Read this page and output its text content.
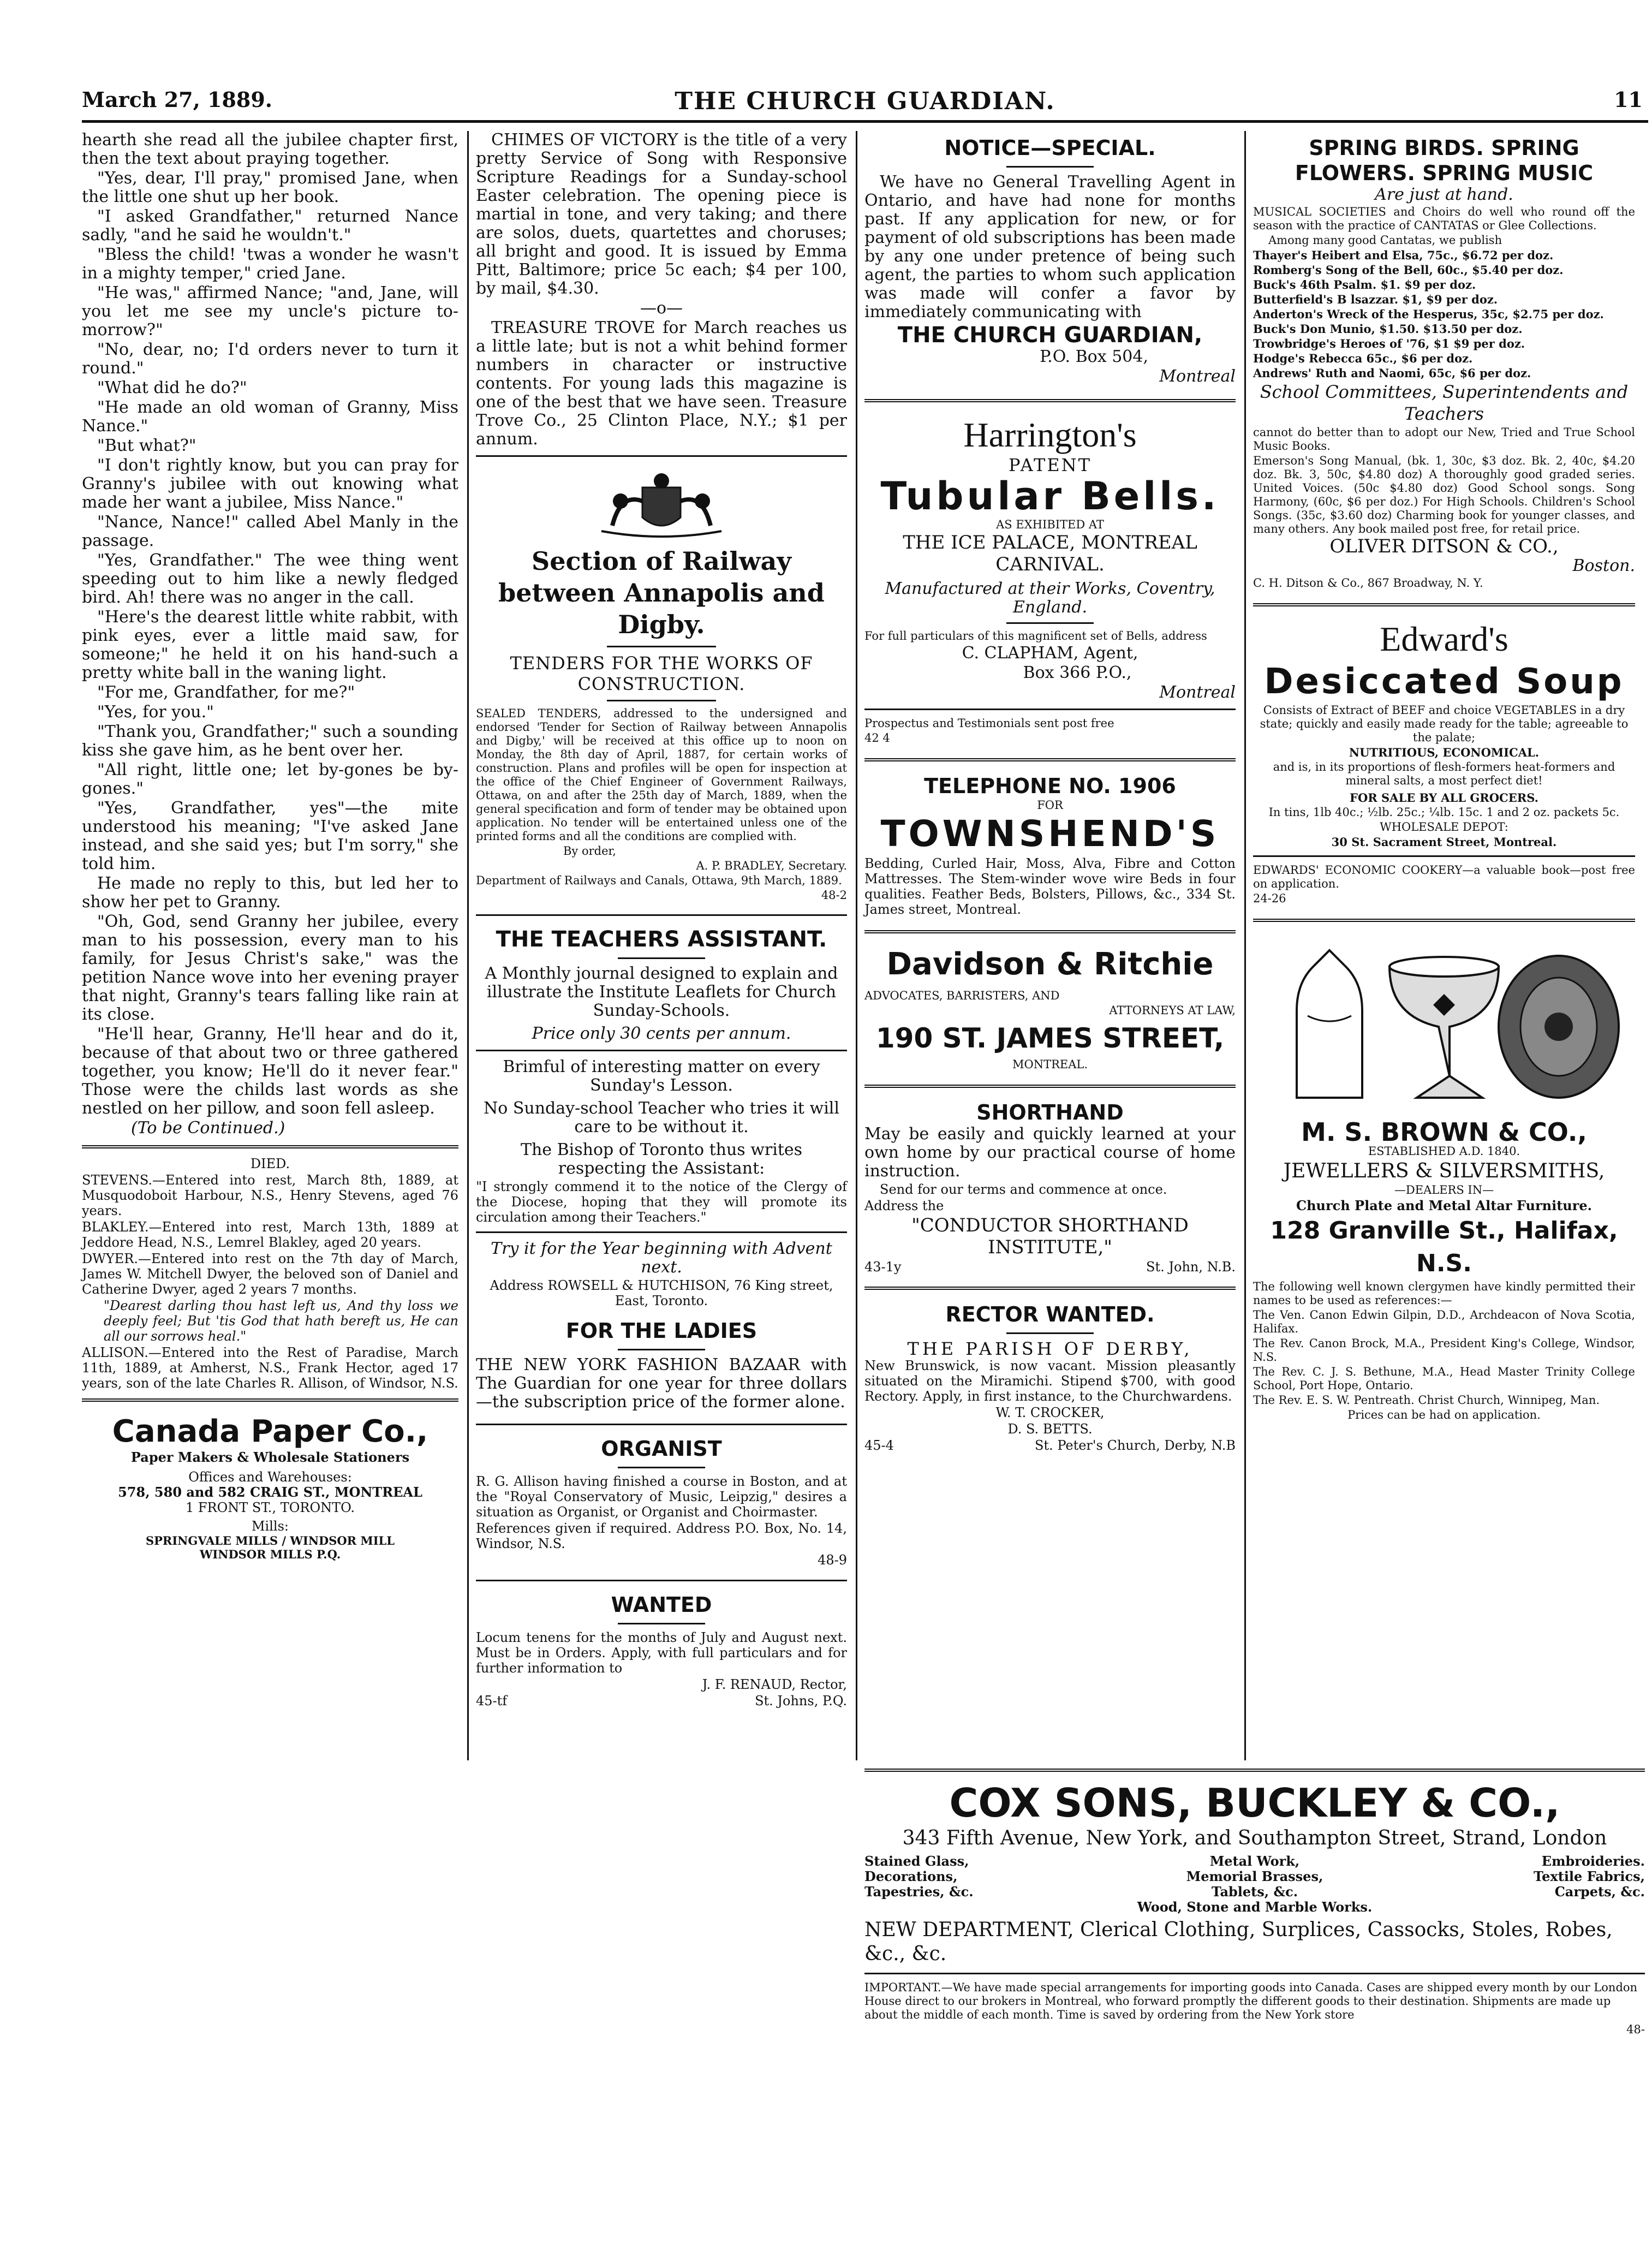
March 27, 1889.	THE CHURCH GUARDIAN.	11

hearth she read all the jubilee chapter first, then the text about praying together.

"Yes, dear, I'll pray," promised Jane, when the little one shut up her book.

"I asked Grandfather," returned Nance sadly, "and he said he wouldn't."

"Bless the child! 'twas a wonder he wasn't in a mighty temper," cried Jane.

"He was," affirmed Nance; "and, Jane, will you let me see my uncle's picture to-morrow?"

"No, dear, no; I'd orders never to turn it round."

"What did he do?"

"He made an old woman of Granny, Miss Nance."

"But what?"

"I don't rightly know, but you can pray for Granny's jubilee with out knowing what made her want a jubilee, Miss Nance."

"Nance, Nance!" called Abel Manly in the passage.

"Yes, Grandfather." The wee thing went speeding out to him like a newly fledged bird. Ah! there was no anger in the call.

"Here's the dearest little white rabbit, with pink eyes, ever a little maid saw, for someone;" he held it on his hand-such a pretty white ball in the waning light.

"For me, Grandfather, for me?"

"Yes, for you."

"Thank you, Grandfather;" such a sounding kiss she gave him, as he bent over her.

"All right, little one; let by-gones be by-gones."

"Yes, Grandfather, yes"—the mite understood his meaning; "I've asked Jane instead, and she said yes; but I'm sorry," she told him.

He made no reply to this, but led her to show her pet to Granny.

"Oh, God, send Granny her jubilee, every man to his possession, every man to his family, for Jesus Christ's sake," was the petition Nance wove into her evening prayer that night, Granny's tears falling like rain at its close.

"He'll hear, Granny, He'll hear and do it, because of that about two or three gathered together, you know; He'll do it never fear." Those were the childs last words as she nestled on her pillow, and soon fell asleep.

(To be Continued.)

DIED.

STEVENS.—Entered into rest, March 8th, 1889, at Musquodoboit Harbour, N.S., Henry Stevens, aged 76 years.

BLAKLEY.—Entered into rest, March 13th, 1889 at Jeddore Head, N.S., Lemrel Blakley, aged 20 years.

DWYER.—Entered into rest on the 7th day of March, James W. Mitchell Dwyer, the beloved son of Daniel and Catherine Dwyer, aged 2 years 7 months.

"Dearest darling thou hast left us, And thy loss we deeply feel; But 'tis God that hath bereft us, He can all our sorrows heal."

ALLISON.—Entered into the Rest of Paradise, March 11th, 1889, at Amherst, N.S., Frank Hector, aged 17 years, son of the late Charles R. Allison, of Windsor, N.S.

Canada Paper Co.,
Paper Makers & Wholesale Stationers
Offices and Warehouses:
578, 580 and 582 CRAIG ST., MONTREAL
1 FRONT ST., TORONTO.
Mills:
SPRINGVALE MILLS / WINDSOR MILL
WINDSOR MILLS P.Q.

CHIMES OF VICTORY is the title of a very pretty Service of Song with Responsive Scripture Readings for a Sunday-school Easter celebration. The opening piece is martial in tone, and very taking; and there are solos, duets, quartettes and choruses; all bright and good. It is issued by Emma Pitt, Baltimore; price 5c each; $4 per 100, by mail, $4.30.

—o—

TREASURE TROVE for March reaches us a little late; but is not a whit behind former numbers in character or instructive contents. For young lads this magazine is one of the best that we have seen. Treasure Trove Co., 25 Clinton Place, N.Y.; $1 per annum.

Section of Railway between Annapolis and Digby.
TENDERS FOR THE WORKS OF CONSTRUCTION.

SEALED TENDERS, addressed to the undersigned and endorsed 'Tender for Section of Railway between Annapolis and Digby,' will be received at this office up to noon on Monday, the 8th day of April, 1887, for certain works of construction. Plans and profiles will be open for inspection at the office of the Chief Engineer of Government Railways, Ottawa, on and after the 25th day of March, 1889, when the general specification and form of tender may be obtained upon application. No tender will be entertained unless one of the printed forms and all the conditions are complied with.

By order,

A. P. BRADLEY, Secretary.

Department of Railways and Canals, Ottawa, 9th March, 1889.

48-2

THE TEACHERS ASSISTANT.

A Monthly journal designed to explain and illustrate the Institute Leaflets for Church Sunday-Schools.

Price only 30 cents per annum.

Brimful of interesting matter on every Sunday's Lesson.

No Sunday-school Teacher who tries it will care to be without it.

The Bishop of Toronto thus writes respecting the Assistant:

"I strongly commend it to the notice of the Clergy of the Diocese, hoping that they will promote its circulation among their Teachers."

Try it for the Year beginning with Advent next.

Address ROWSELL & HUTCHISON, 76 King street, East, Toronto.

FOR THE LADIES

THE NEW YORK FASHION BAZAAR with The Guardian for one year for three dollars—the subscription price of the former alone.

ORGANIST

R. G. Allison having finished a course in Boston, and at the "Royal Conservatory of Music, Leipzig," desires a situation as Organist, or Organist and Choirmaster.

References given if required. Address P.O. Box, No. 14, Windsor, N.S.

48-9

WANTED

Locum tenens for the months of July and August next. Must be in Orders. Apply, with full particulars and for further information to

J. F. RENAUD, Rector,

45-tf	St. Johns, P.Q.
NOTICE—SPECIAL.

We have no General Travelling Agent in Ontario, and have had none for months past. If any application for new, or for payment of old subscriptions has been made by any one under pretence of being such agent, the parties to whom such application was made will confer a favor by immediately communicating with

THE CHURCH GUARDIAN,

P.O. Box 504,

Montreal

Harrington's
PATENT
Tubular Bells.
AS EXHIBITED AT
THE ICE PALACE, MONTREAL CARNIVAL.

Manufactured at their Works, Coventry, England.

For full particulars of this magnificent set of Bells, address

C. CLAPHAM, Agent,

Box 366 P.O.,

Montreal

Prospectus and Testimonials sent post free

42 4

TELEPHONE NO. 1906
FOR
TOWNSHEND'S

Bedding, Curled Hair, Moss, Alva, Fibre and Cotton Mattresses. The Stem-winder wove wire Beds in four qualities. Feather Beds, Bolsters, Pillows, &c., 334 St. James street, Montreal.

Davidson & Ritchie

ADVOCATES, BARRISTERS, AND

ATTORNEYS AT LAW,

190 ST. JAMES STREET,

MONTREAL.

SHORTHAND

May be easily and quickly learned at your own home by our practical course of home instruction.

Send for our terms and commence at once.

Address the

"CONDUCTOR SHORTHAND INSTITUTE,"

43-1y	St. John, N.B.
RECTOR WANTED.
THE PARISH OF DERBY,

New Brunswick, is now vacant. Mission pleasantly situated on the Miramichi. Stipend $700, with good Rectory. Apply, in first instance, to the Churchwardens.

W. T. CROCKER,

D. S. BETTS.

45-4	St. Peter's Church, Derby, N.B
SPRING BIRDS. SPRING FLOWERS. SPRING MUSIC

Are just at hand.

MUSICAL SOCIETIES and Choirs do well who round off the season with the practice of CANTATAS or Glee Collections.

Among many good Cantatas, we publish

Thayer's Heibert and Elsa, 75c., $6.72 per doz.

Romberg's Song of the Bell, 60c., $5.40 per doz.

Buck's 46th Psalm. $1. $9 per doz.

Butterfield's B lsazzar. $1, $9 per doz.

Anderton's Wreck of the Hesperus, 35c, $2.75 per doz.

Buck's Don Munio, $1.50. $13.50 per doz.

Trowbridge's Heroes of '76, $1 $9 per doz.

Hodge's Rebecca 65c., $6 per doz.

Andrews' Ruth and Naomi, 65c, $6 per doz.

School Committees, Superintendents and Teachers

cannot do better than to adopt our New, Tried and True School Music Books.

Emerson's Song Manual, (bk. 1, 30c, $3 doz. Bk. 2, 40c, $4.20 doz. Bk. 3, 50c, $4.80 doz) A thoroughly good graded series. United Voices. (50c $4.80 doz) Good School songs. Song Harmony, (60c, $6 per doz.) For High Schools. Children's School Songs. (35c, $3.60 doz) Charming book for younger classes, and many others. Any book mailed post free, for retail price.

OLIVER DITSON & CO.,

Boston.

C. H. Ditson & Co., 867 Broadway, N. Y.

Edward's
Desiccated Soup

Consists of Extract of BEEF and choice VEGETABLES in a dry state; quickly and easily made ready for the table; agreeable to the palate;

NUTRITIOUS, ECONOMICAL.

and is, in its proportions of flesh-formers heat-formers and mineral salts, a most perfect diet!

FOR SALE BY ALL GROCERS.

In tins, 1lb 40c.; ½lb. 25c.; ¼lb. 15c. 1 and 2 oz. packets 5c.

WHOLESALE DEPOT:

30 St. Sacrament Street, Montreal.

EDWARDS' ECONOMIC COOKERY—a valuable book—post free on application.

24-26

M. S. BROWN & CO.,

ESTABLISHED A.D. 1840.

JEWELLERS & SILVERSMITHS,

—DEALERS IN—

Church Plate and Metal Altar Furniture.

128 Granville St., Halifax, N.S.

The following well known clergymen have kindly permitted their names to be used as references:—

The Ven. Canon Edwin Gilpin, D.D., Archdeacon of Nova Scotia, Halifax.

The Rev. Canon Brock, M.A., President King's College, Windsor, N.S.

The Rev. C. J. S. Bethune, M.A., Head Master Trinity College School, Port Hope, Ontario.

The Rev. E. S. W. Pentreath. Christ Church, Winnipeg, Man.

Prices can be had on application.

COX SONS, BUCKLEY & CO.,
343 Fifth Avenue, New York, and Southampton Street, Strand, London
Stained Glass,	Metal Work,	Embroideries.
Decorations,	Memorial Brasses,	Textile Fabrics,
Tapestries, &c.	Tablets, &c.	Carpets, &c.
Wood, Stone and Marble Works.
NEW DEPARTMENT, Clerical Clothing, Surplices, Cassocks, Stoles, Robes, &c., &c.

IMPORTANT.—We have made special arrangements for importing goods into Canada. Cases are shipped every month by our London House direct to our brokers in Montreal, who forward promptly the different goods to their destination. Shipments are made up about the middle of each month. Time is saved by ordering from the New York store

48-
